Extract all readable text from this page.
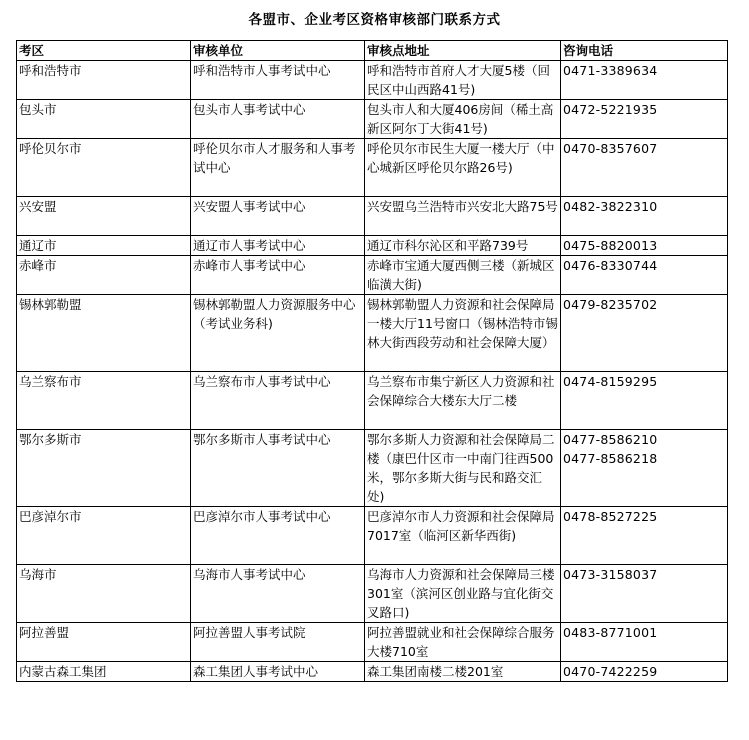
各盟市、企业考区资格审核部门联系方式
考区	审核单位	审核点地址	咨询电话
呼和浩特市	呼和浩特市人事考试中心	呼和浩特市首府人才大厦5楼（回民区中山西路41号)	0471-3389634

包头市	包头市人事考试中心	包头市人和大厦406房间（稀土高新区阿尔丁大街41号)	0472-5221935

呼伦贝尔市	呼伦贝尔市人才服务和人事考试中心	呼伦贝尔市民生大厦一楼大厅（中心城新区呼伦贝尔路26号)	0470-8357607

兴安盟	兴安盟人事考试中心	兴安盟乌兰浩特市兴安北大路75号	0482-3822310

通辽市	通辽市人事考试中心	通辽市科尔沁区和平路739号	0475-8820013

赤峰市	赤峰市人事考试中心	赤峰市宝通大厦西侧三楼（新城区临潢大街)	0476-8330744

锡林郭勒盟	锡林郭勒盟人力资源服务中心（考试业务科)	锡林郭勒盟人力资源和社会保障局一楼大厅11号窗口（锡林浩特市锡林大街西段劳动和社会保障大厦）	0479-8235702

乌兰察布市	乌兰察布市人事考试中心	乌兰察布市集宁新区人力资源和社会保障综合大楼东大厅二楼	0474-8159295

鄂尔多斯市	鄂尔多斯市人事考试中心	鄂尔多斯人力资源和社会保障局二楼（康巴什区市一中南门往西500米，鄂尔多斯大街与民和路交汇处)	0477-8586210
0477-8586218

巴彦淖尔市	巴彦淖尔市人事考试中心	巴彦淖尔市人力资源和社会保障局7017室（临河区新华西街)	0478-8527225

乌海市	乌海市人事考试中心	乌海市人力资源和社会保障局三楼301室（滨河区创业路与宜化街交叉路口)	0473-3158037

阿拉善盟	阿拉善盟人事考试院	阿拉善盟就业和社会保障综合服务大楼710室	0483-8771001

内蒙古森工集团	森工集团人事考试中心	森工集团南楼二楼201室	0470-7422259
